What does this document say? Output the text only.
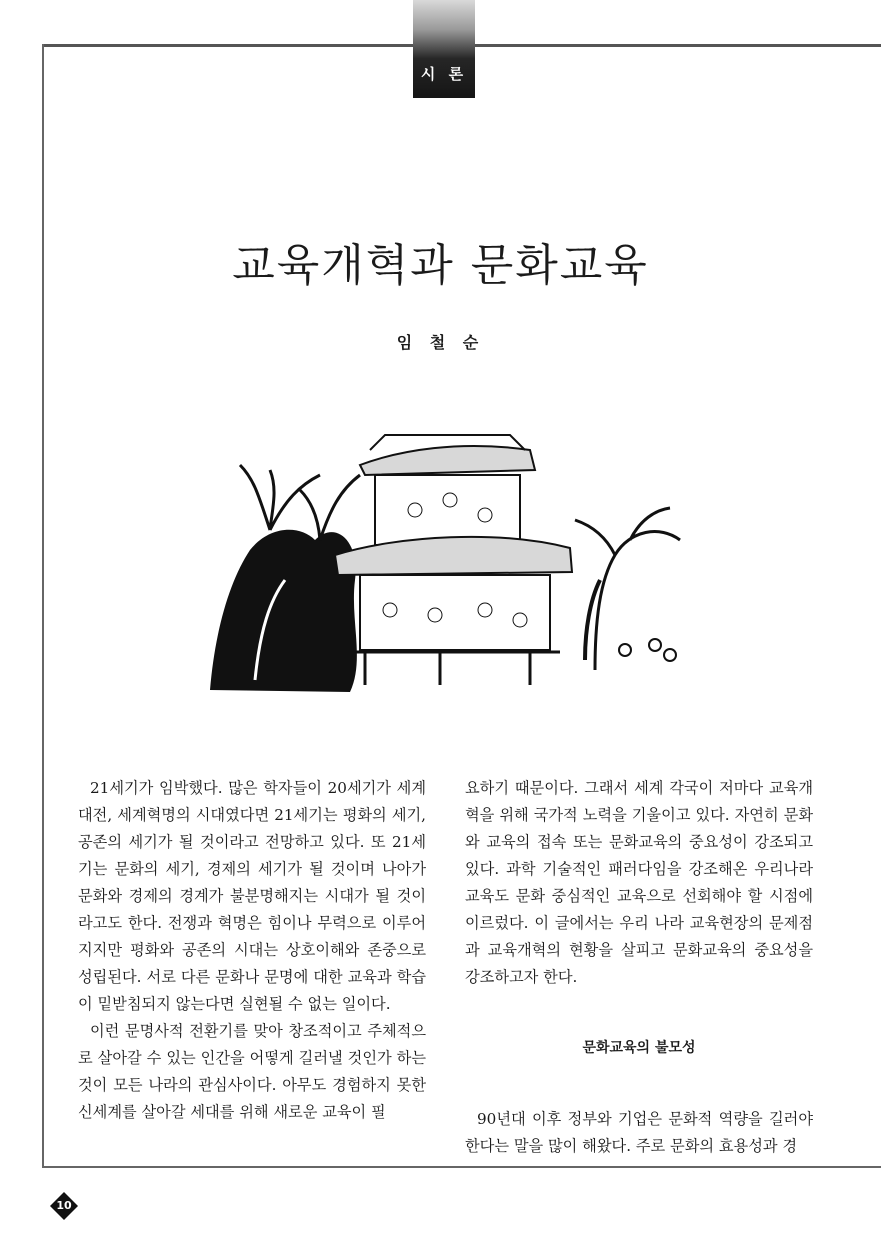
시 론
교육개혁과 문화교육
임 철 순

21세기가 임박했다. 많은 학자들이 20세기가 세계대전, 세계혁명의 시대였다면 21세기는 평화의 세기, 공존의 세기가 될 것이라고 전망하고 있다. 또 21세기는 문화의 세기, 경제의 세기가 될 것이며 나아가 문화와 경제의 경계가 불분명해지는 시대가 될 것이라고도 한다. 전쟁과 혁명은 힘이나 무력으로 이루어지지만 평화와 공존의 시대는 상호이해와 존중으로 성립된다. 서로 다른 문화나 문명에 대한 교육과 학습이 밑받침되지 않는다면 실현될 수 없는 일이다.

이런 문명사적 전환기를 맞아 창조적이고 주체적으로 살아갈 수 있는 인간을 어떻게 길러낼 것인가 하는 것이 모든 나라의 관심사이다. 아무도 경험하지 못한 신세계를 살아갈 세대를 위해 새로운 교육이 필

요하기 때문이다. 그래서 세계 각국이 저마다 교육개혁을 위해 국가적 노력을 기울이고 있다. 자연히 문화와 교육의 접속 또는 문화교육의 중요성이 강조되고 있다. 과학 기술적인 패러다임을 강조해온 우리나라 교육도 문화 중심적인 교육으로 선회해야 할 시점에 이르렀다. 이 글에서는 우리 나라 교육현장의 문제점과 교육개혁의 현황을 살피고 문화교육의 중요성을 강조하고자 한다.

문화교육의 불모성

90년대 이후 정부와 기업은 문화적 역량을 길러야 한다는 말을 많이 해왔다. 주로 문화의 효용성과 경

10
